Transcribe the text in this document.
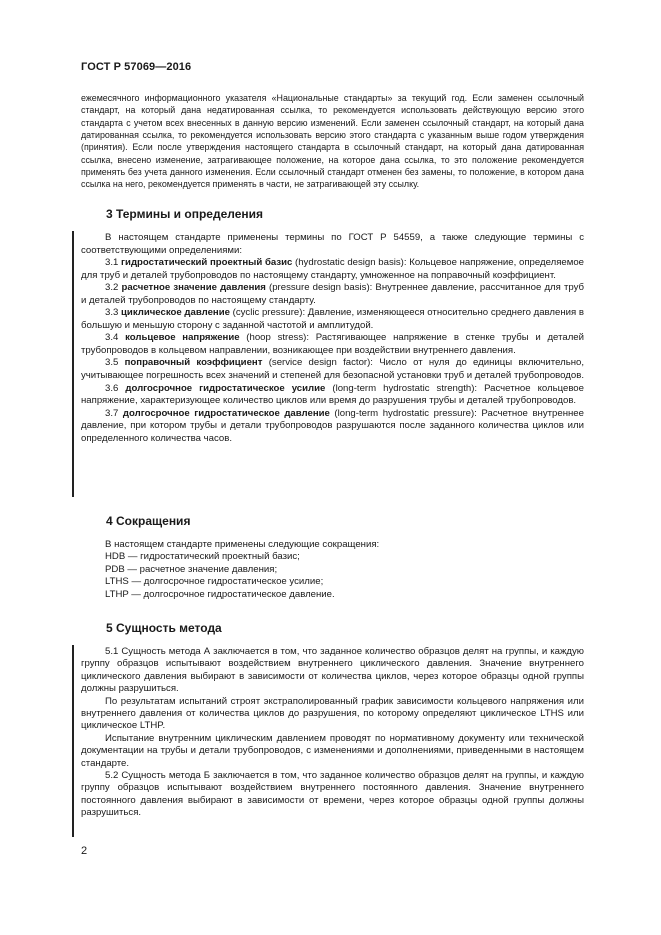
ГОСТ Р 57069—2016

ежемесячного информационного указателя «Национальные стандарты» за текущий год. Если заменен ссылочный стандарт, на который дана недатированная ссылка, то рекомендуется использовать действующую версию этого стандарта с учетом всех внесенных в данную версию изменений. Если заменен ссылочный стандарт, на который дана датированная ссылка, то рекомендуется использовать версию этого стандарта с указанным выше годом утверждения (принятия). Если после утверждения настоящего стандарта в ссылочный стандарт, на который дана датированная ссылка, внесено изменение, затрагивающее положение, на которое дана ссылка, то это положение рекомендуется применять без учета данного изменения. Если ссылочный стандарт отменен без замены, то положение, в котором дана ссылка на него, рекомендуется применять в части, не затрагивающей эту ссылку.

3 Термины и определения

В настоящем стандарте применены термины по ГОСТ Р 54559, а также следующие термины с соответствующими определениями:

3.1 гидростатический проектный базис (hydrostatic design basis): Кольцевое напряжение, определяемое для труб и деталей трубопроводов по настоящему стандарту, умноженное на поправочный коэффициент.

3.2 расчетное значение давления (pressure design basis): Внутреннее давление, рассчитанное для труб и деталей трубопроводов по настоящему стандарту.

3.3 циклическое давление (cyclic pressure): Давление, изменяющееся относительно среднего давления в большую и меньшую сторону с заданной частотой и амплитудой.

3.4 кольцевое напряжение (hoop stress): Растягивающее напряжение в стенке трубы и деталей трубопроводов в кольцевом направлении, возникающее при воздействии внутреннего давления.

3.5 поправочный коэффициент (service design factor): Число от нуля до единицы включительно, учитывающее погрешность всех значений и степеней для безопасной установки труб и деталей трубопроводов.

3.6 долгосрочное гидростатическое усилие (long-term hydrostatic strength): Расчетное кольцевое напряжение, характеризующее количество циклов или время до разрушения трубы и деталей трубопроводов.

3.7 долгосрочное гидростатическое давление (long-term hydrostatic pressure): Расчетное внутреннее давление, при котором трубы и детали трубопроводов разрушаются после заданного количества циклов или определенного количества часов.

4 Сокращения

В настоящем стандарте применены следующие сокращения:

HDB — гидростатический проектный базис;

PDB — расчетное значение давления;

LTHS — долгосрочное гидростатическое усилие;

LTHP — долгосрочное гидростатическое давление.

5 Сущность метода

5.1 Сущность метода А заключается в том, что заданное количество образцов делят на группы, и каждую группу образцов испытывают воздействием внутреннего циклического давления. Значение внутреннего циклического давления выбирают в зависимости от количества циклов, через которое образцы одной группы должны разрушиться.

По результатам испытаний строят экстраполированный график зависимости кольцевого напряжения или внутреннего давления от количества циклов до разрушения, по которому определяют циклическое LTHS или циклическое LTHP.

Испытание внутренним циклическим давлением проводят по нормативному документу или технической документации на трубы и детали трубопроводов, с изменениями и дополнениями, приведенными в настоящем стандарте.

5.2 Сущность метода Б заключается в том, что заданное количество образцов делят на группы, и каждую группу образцов испытывают воздействием внутреннего постоянного давления. Значение внутреннего постоянного давления выбирают в зависимости от времени, через которое образцы одной группы должны разрушиться.

2
